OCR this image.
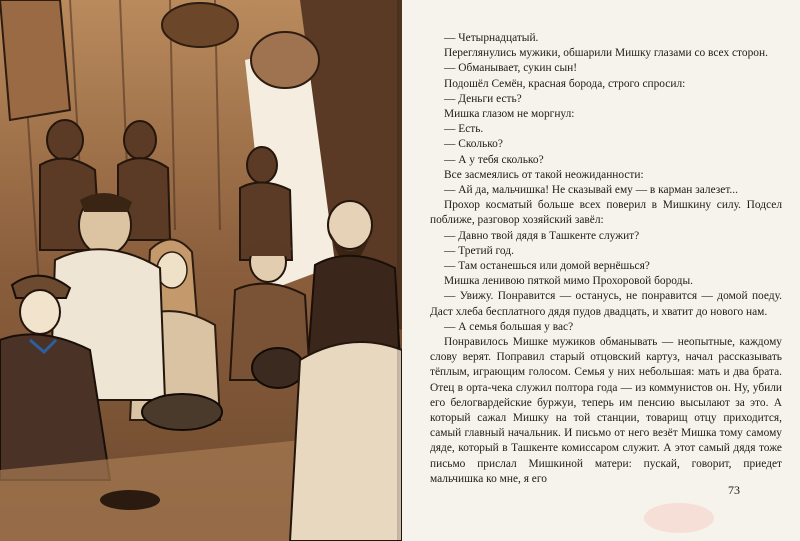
— Четырнадцатый.

Переглянулись мужики, обшарили Мишку глазами со всех сторон.

— Обманывает, сукин сын!

Подошёл Семён, красная борода, строго спросил:

— Деньги есть?

Мишка глазом не моргнул:

— Есть.

— Сколько?

— А у тебя сколько?

Все засмеялись от такой неожиданности:

— Ай да, мальчишка! Не сказывай ему — в карман залезет...

Прохор косматый больше всех поверил в Мишкину силу. Подсел поближе, разговор хозяйский завёл:

— Давно твой дядя в Ташкенте служит?

— Третий год.

— Там останешься или домой вернёшься?

Мишка ленивою пяткой мимо Прохоровой бороды.

— Увижу. Понравится — останусь, не понравится — домой поеду. Даст хлеба бесплатного дядя пудов двадцать, и хватит до нового нам.

— А семья большая у вас?

Понравилось Мишке мужиков обманывать — неопытные, каждому слову верят. Поправил старый отцовский картуз, начал рассказывать тёплым, играющим голосом. Семья у них небольшая: мать и два брата. Отец в орта-чека служил полтора года — из коммунистов он. Ну, убили его белогвардейские буржуи, теперь им пенсию высылают за это. А который сажал Мишку на той станции, товарищ отцу приходится, самый главный начальник. И письмо от него везёт Мишка тому самому дяде, который в Ташкенте комиссаром служит. А этот самый дядя тоже письмо прислал Мишкиной матери: пускай, говорит, приедет мальчишка ко мне, я его

73
